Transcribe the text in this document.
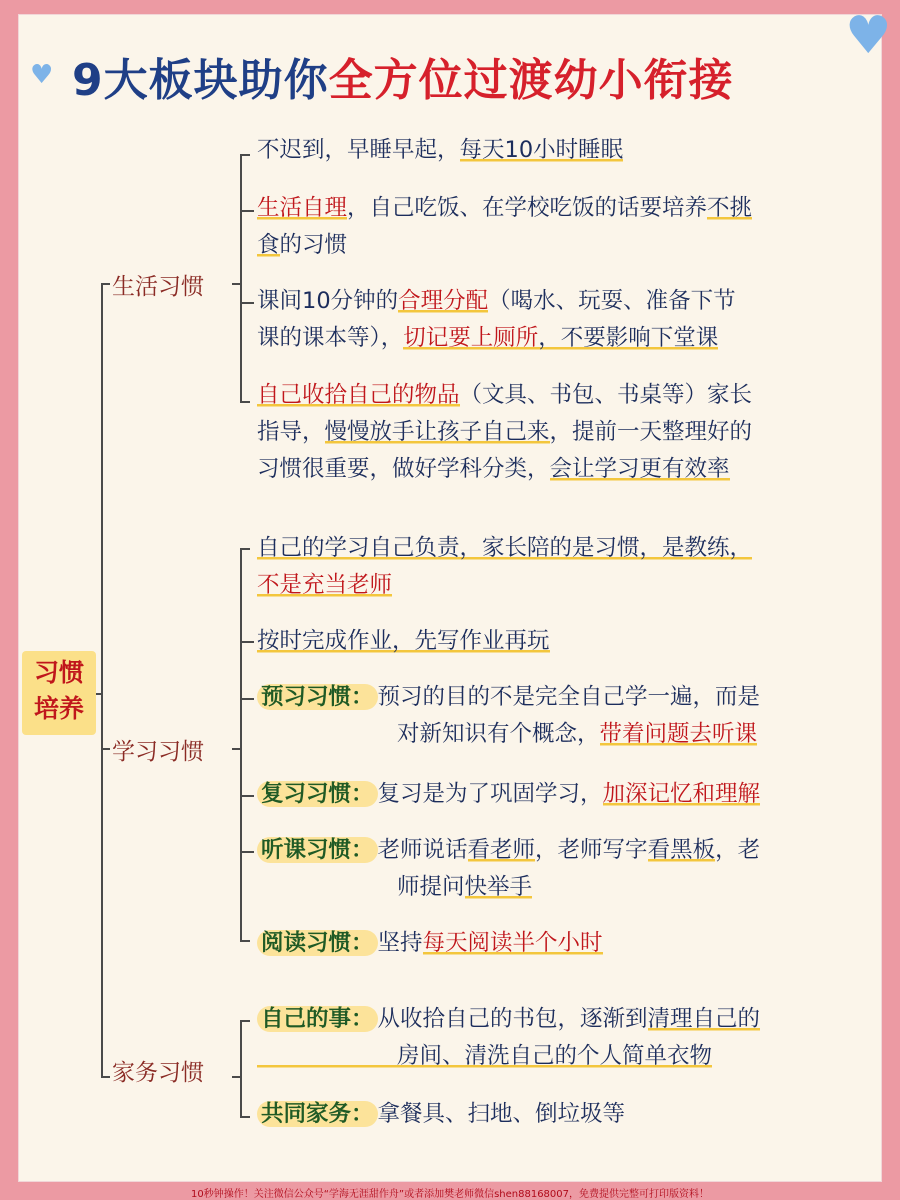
♥
♥
9大板块助你全方位过渡幼小衔接
习惯
培养
生活习惯
学习习惯
家务习惯
不迟到，早睡早起，每天10小时睡眠
生活自理，自己吃饭、在学校吃饭的话要培养不挑
食的习惯
课间10分钟的合理分配（喝水、玩耍、准备下节
课的课本等），切记要上厕所，不要影响下堂课
自己收拾自己的物品（文具、书包、书桌等）家长
指导，慢慢放手让孩子自己来，提前一天整理好的
习惯很重要，做好学科分类，会让学习更有效率
自己的学习自己负责，家长陪的是习惯，是教练，
不是充当老师
按时完成作业，先写作业再玩
预习习惯： 预习的目的不是完全自己学一遍，而是
对新知识有个概念，带着问题去听课
复习习惯： 复习是为了巩固学习，加深记忆和理解
听课习惯： 老师说话看老师，老师写字看黑板，老
师提问快举手
阅读习惯： 坚持每天阅读半个小时
自己的事： 从收拾自己的书包，逐渐到清理自己的
房间、清洗自己的个人简单衣物
共同家务： 拿餐具、扫地、倒垃圾等
10秒钟操作！关注微信公众号“学海无涯甜作舟”或者添加樊老师微信shen88168007，免费提供完整可打印版资料！
